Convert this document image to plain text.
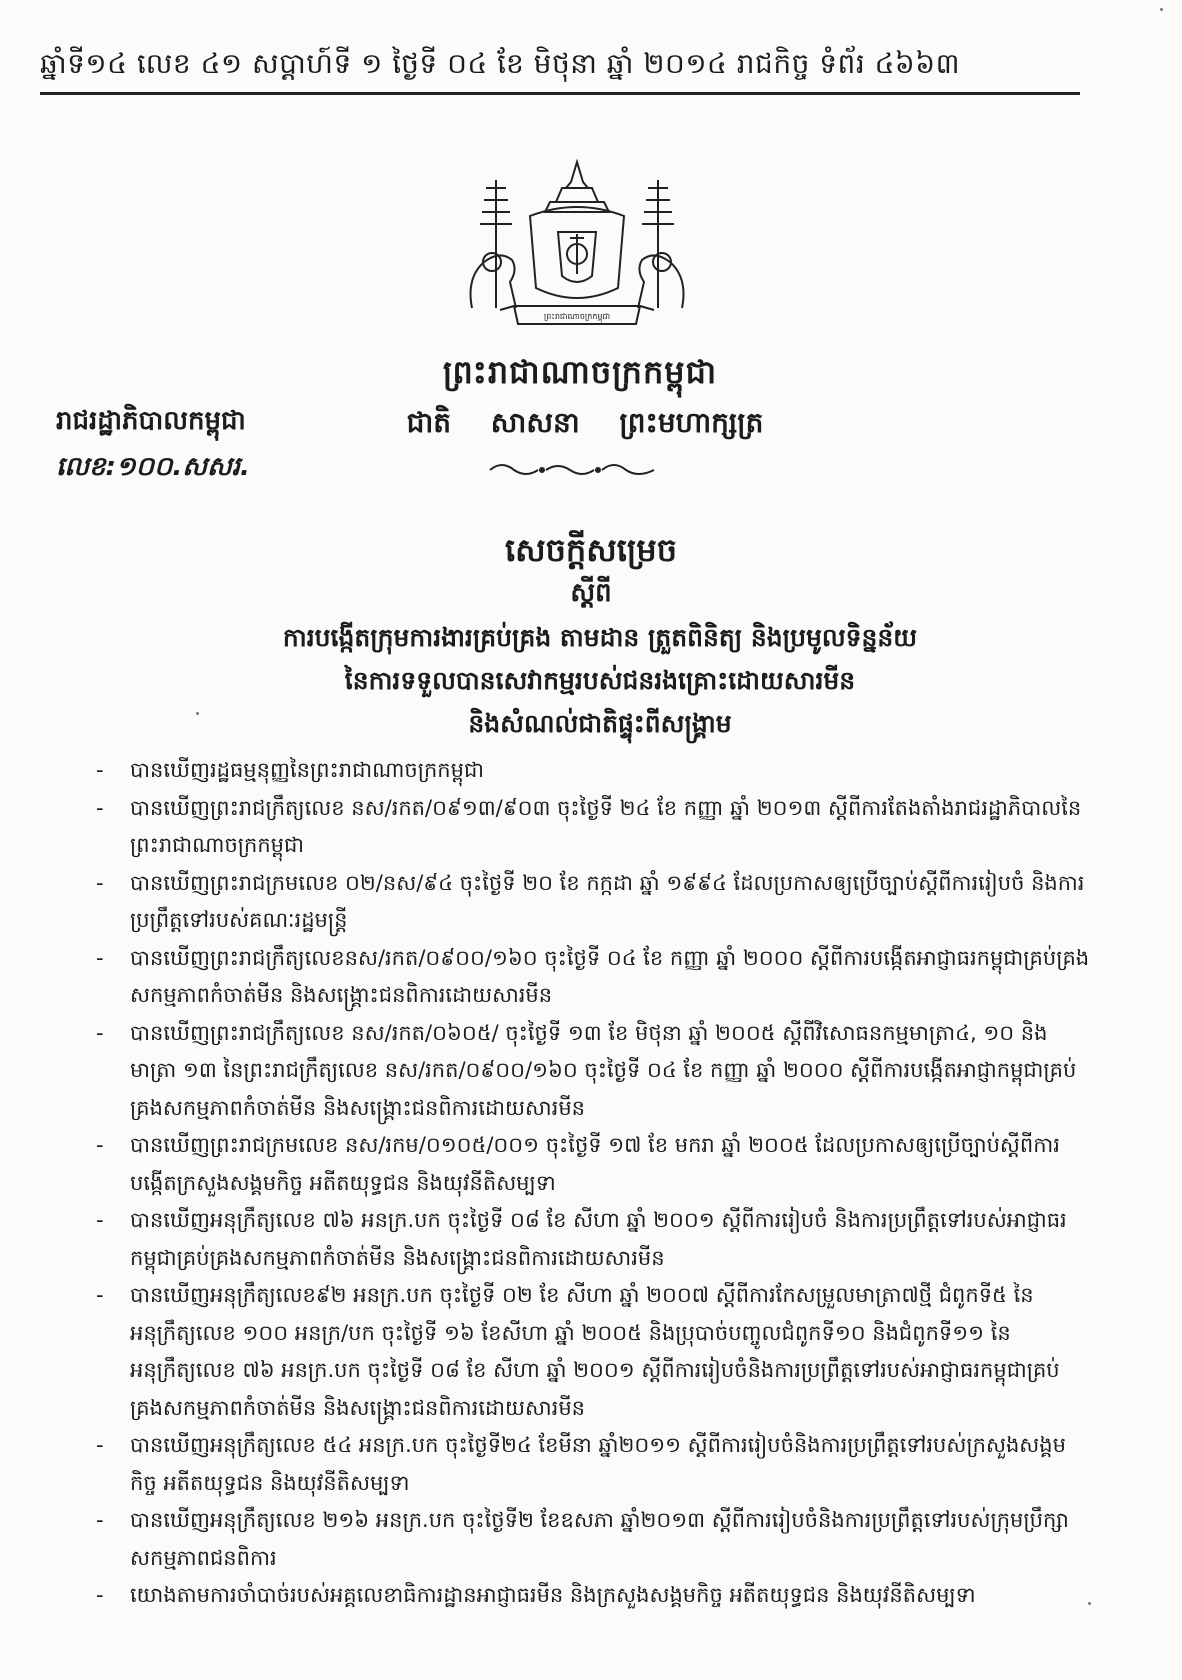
ឆ្នាំទី១៤ លេខ ៤១ សប្តាហ៍ទី ១ ថ្ងៃទី ០៤ ខែ មិថុនា ឆ្នាំ ២០១៤ រាជកិច្ច ទំព័រ ៤៦៦៣
ព្រះរាជាណាចក្រកម្ពុជា
ព្រះរាជាណាចក្រកម្ពុជា
ជាតិ សាសនា ព្រះមហាក្សត្រ
រាជរដ្ឋាភិបាលកម្ពុជា
លេខ:១០០.សសរ.
សេចក្តីសម្រេច
ស្តីពី
ការបង្កើតក្រុមការងារគ្រប់គ្រង តាមដាន ត្រួតពិនិត្យ និងប្រមូលទិន្នន័យ
នៃការទទួលបានសេវាកម្មរបស់ជនរងគ្រោះដោយសារមីន
និងសំណល់ជាតិផ្ទុះពីសង្គ្រាម
- បានឃើញរដ្ឋធម្មនុញ្ញនៃព្រះរាជាណាចក្រកម្ពុជា
- បានឃើញព្រះរាជក្រឹត្យលេខ នស/រកត/០៩១៣/៩០៣ ចុះថ្ងៃទី ២៤ ខែ កញ្ញា ឆ្នាំ ២០១៣ ស្តីពីការតែងតាំងរាជរដ្ឋាភិបាលនៃព្រះរាជាណាចក្រកម្ពុជា
- បានឃើញព្រះរាជក្រមលេខ ០២/នស/៩៤ ចុះថ្ងៃទី ២០ ខែ កក្កដា ឆ្នាំ ១៩៩៤ ដែលប្រកាសឲ្យប្រើច្បាប់ស្តីពីការរៀបចំ និងការប្រព្រឹត្តទៅរបស់គណៈរដ្ឋមន្ត្រី
- បានឃើញព្រះរាជក្រឹត្យលេខនស/រកត/០៩០០/១៦០ ចុះថ្ងៃទី ០៤ ខែ កញ្ញា ឆ្នាំ ២០០០ ស្តីពីការបង្កើតអាជ្ញាធរកម្ពុជាគ្រប់គ្រងសកម្មភាពកំចាត់មីន និងសង្គ្រោះជនពិការដោយសារមីន
- បានឃើញព្រះរាជក្រឹត្យលេខ នស/រកត/០៦០៥/ ចុះថ្ងៃទី ១៣ ខែ មិថុនា ឆ្នាំ ២០០៥ ស្តីពីវិសោធនកម្មមាត្រា៤, ១០ និងមាត្រា ១៣ នៃព្រះរាជក្រឹត្យលេខ នស/រកត/០៩០០/១៦០ ចុះថ្ងៃទី ០៤ ខែ កញ្ញា ឆ្នាំ ២០០០ ស្តីពីការបង្កើតអាជ្ញាកម្ពុជាគ្រប់គ្រងសកម្មភាពកំចាត់មីន និងសង្គ្រោះជនពិការដោយសារមីន
- បានឃើញព្រះរាជក្រមលេខ នស/រកម/០១០៥/០០១ ចុះថ្ងៃទី ១៧ ខែ មករា ឆ្នាំ ២០០៥ ដែលប្រកាសឲ្យប្រើច្បាប់ស្តីពីការបង្កើតក្រសួងសង្គមកិច្ច អតីតយុទ្ធជន និងយុវនីតិសម្បទា
- បានឃើញអនុក្រឹត្យលេខ ៧៦ អនក្រ.បក ចុះថ្ងៃទី ០៨ ខែ សីហា ឆ្នាំ ២០០១ ស្តីពីការរៀបចំ និងការប្រព្រឹត្តទៅរបស់អាជ្ញាធរកម្ពុជាគ្រប់គ្រងសកម្មភាពកំចាត់មីន និងសង្គ្រោះជនពិការដោយសារមីន
- បានឃើញអនុក្រឹត្យលេខ៩២ អនក្រ.បក ចុះថ្ងៃទី ០២ ខែ សីហា ឆ្នាំ ២០០៧ ស្តីពីការកែសម្រួលមាត្រា៧ថ្មី ជំពូកទី៥ នៃអនុក្រឹត្យលេខ ១០០ អនក្រ/បក ចុះថ្ងៃទី ១៦ ខែសីហា ឆ្នាំ ២០០៥ និងប្រុបាច់បញ្ចូលជំពូកទី១០ និងជំពូកទី១១ នៃអនុក្រឹត្យលេខ ៧៦ អនក្រ.បក ចុះថ្ងៃទី ០៨ ខែ សីហា ឆ្នាំ ២០០១ ស្តីពីការរៀបចំនិងការប្រព្រឹត្តទៅរបស់អាជ្ញាធរកម្ពុជាគ្រប់គ្រងសកម្មភាពកំចាត់មីន និងសង្គ្រោះជនពិការដោយសារមីន
- បានឃើញអនុក្រឹត្យលេខ ៥៤ អនក្រ.បក ចុះថ្ងៃទី២៤ ខែមីនា ឆ្នាំ២០១១ ស្តីពីការរៀបចំនិងការប្រព្រឹត្តទៅរបស់ក្រសួងសង្គមកិច្ច អតីតយុទ្ធជន និងយុវនីតិសម្បទា
- បានឃើញអនុក្រឹត្យលេខ ២១៦ អនក្រ.បក ចុះថ្ងៃទី២ ខែឧសភា ឆ្នាំ២០១៣ ស្តីពីការរៀបចំនិងការប្រព្រឹត្តទៅរបស់ក្រុមប្រឹក្សាសកម្មភាពជនពិការ
- យោងតាមការចាំបាច់របស់អគ្គលេខាធិការដ្ឋានអាជ្ញាធរមីន និងក្រសួងសង្គមកិច្ច អតីតយុទ្ធជន និងយុវនីតិសម្បទា
